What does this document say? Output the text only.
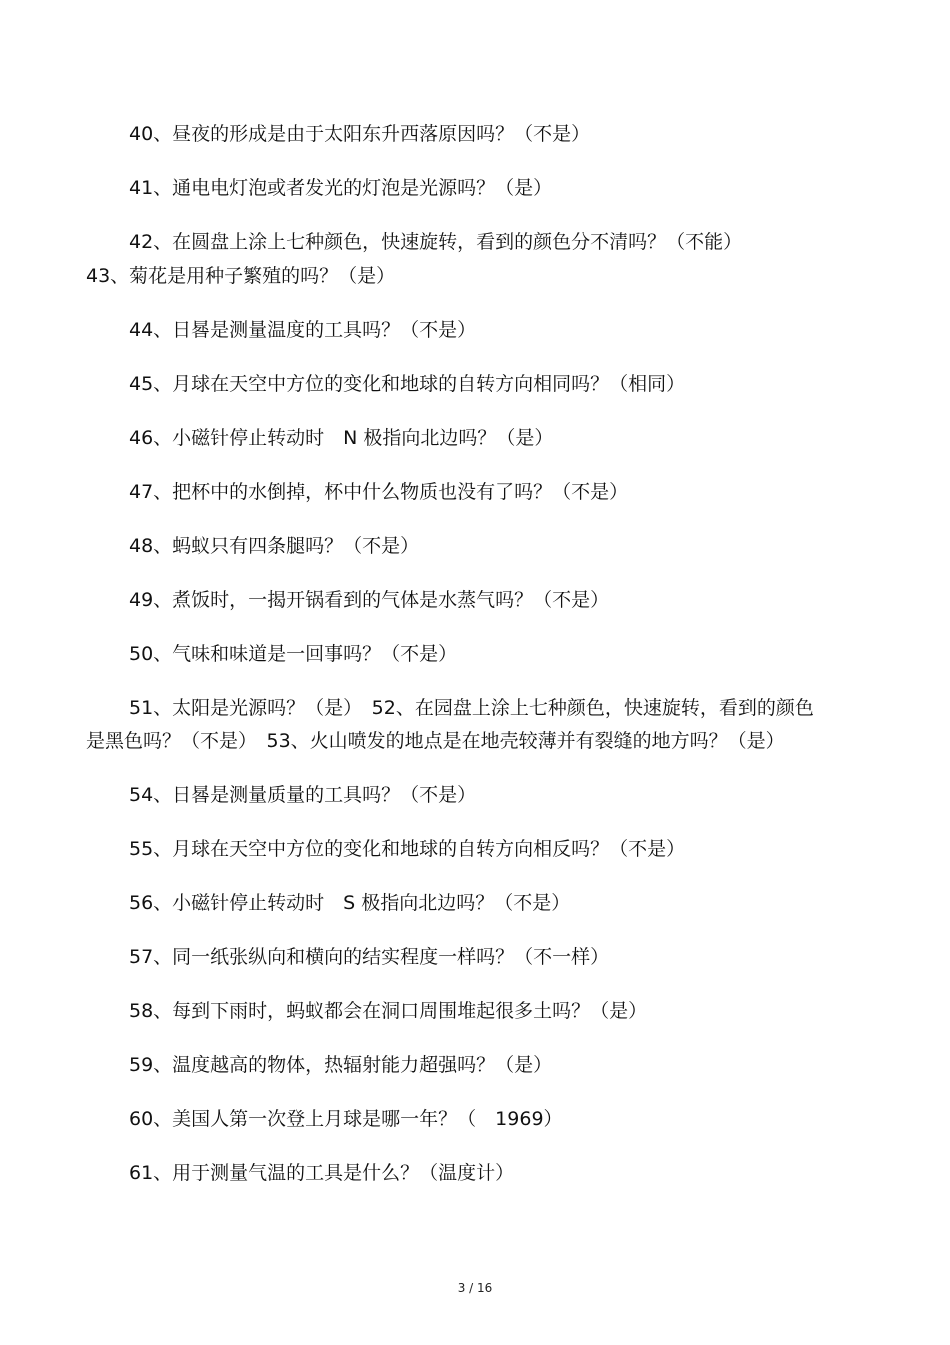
40、昼夜的形成是由于太阳东升西落原因吗？（不是）

41、通电电灯泡或者发光的灯泡是光源吗？（是）

42、在圆盘上涂上七种颜色，快速旋转，看到的颜色分不清吗？（不能）

43、菊花是用种子繁殖的吗？（是）

44、日晷是测量温度的工具吗？（不是）

45、月球在天空中方位的变化和地球的自转方向相同吗？（相同）

46、小磁针停止转动时　N 极指向北边吗？（是）

47、把杯中的水倒掉，杯中什么物质也没有了吗？（不是）

48、蚂蚁只有四条腿吗？（不是）

49、煮饭时，一揭开锅看到的气体是水蒸气吗？（不是）

50、气味和味道是一回事吗？（不是）

51、太阳是光源吗？（是）　52、在园盘上涂上七种颜色，快速旋转，看到的颜色是黑色吗？（不是）　53、火山喷发的地点是在地壳较薄并有裂缝的地方吗？（是）

54、日晷是测量质量的工具吗？（不是）

55、月球在天空中方位的变化和地球的自转方向相反吗？（不是）

56、小磁针停止转动时　S 极指向北边吗？（不是）

57、同一纸张纵向和横向的结实程度一样吗？（不一样）

58、每到下雨时，蚂蚁都会在洞口周围堆起很多土吗？（是）

59、温度越高的物体，热辐射能力超强吗？（是）

60、美国人第一次登上月球是哪一年？（　1969）

61、用于测量气温的工具是什么？（温度计）

3 / 16
